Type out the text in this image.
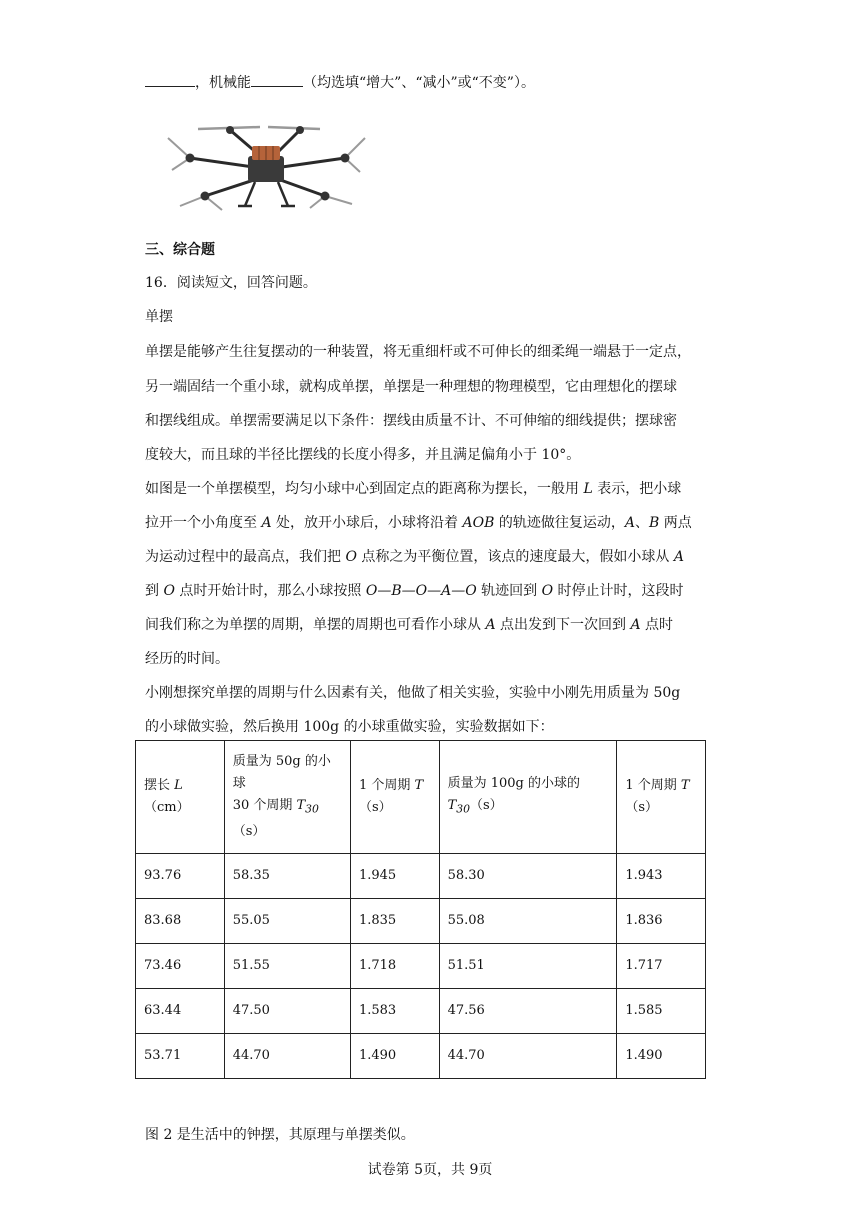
，机械能	（均选填“增大”、“减小”或“不变”）。
三、综合题
16．阅读短文，回答问题。
单摆
单摆是能够产生往复摆动的一种装置，将无重细杆或不可伸长的细柔绳一端悬于一定点，
另一端固结一个重小球，就构成单摆，单摆是一种理想的物理模型，它由理想化的摆球
和摆线组成。单摆需要满足以下条件：摆线由质量不计、不可伸缩的细线提供；摆球密
度较大，而且球的半径比摆线的长度小得多，并且满足偏角小于 10°。
如图是一个单摆模型，均匀小球中心到固定点的距离称为摆长，一般用 L 表示，把小球
拉开一个小角度至 A 处，放开小球后，小球将沿着 AOB 的轨迹做往复运动，A、B 两点
为运动过程中的最高点，我们把 O 点称之为平衡位置，该点的速度最大，假如小球从 A
到 O 点时开始计时，那么小球按照 O—B—O—A—O 轨迹回到 O 时停止计时，这段时
间我们称之为单摆的周期，单摆的周期也可看作小球从 A 点出发到下一次回到 A 点时
经历的时间。
小刚想探究单摆的周期与什么因素有关，他做了相关实验，实验中小刚先用质量为 50g
的小球做实验，然后换用 100g 的小球重做实验，实验数据如下：
摆长 L
（cm）	质量为 50g 的小
球
30 个周期 $T_{30}(s)$	1 个周期 T
（s）	质量为 100g 的小球的
$T_{30}(s)$	1 个周期 T
（s）
93.76	58.35	1.945	58.30	1.943
83.68	55.05	1.835	55.08	1.836
73.46	51.55	1.718	51.51	1.717
63.44	47.50	1.583	47.56	1.585
53.71	44.70	1.490	44.70	1.490
图 2 是生活中的钟摆，其原理与单摆类似。
试卷第 5页，共 9页
